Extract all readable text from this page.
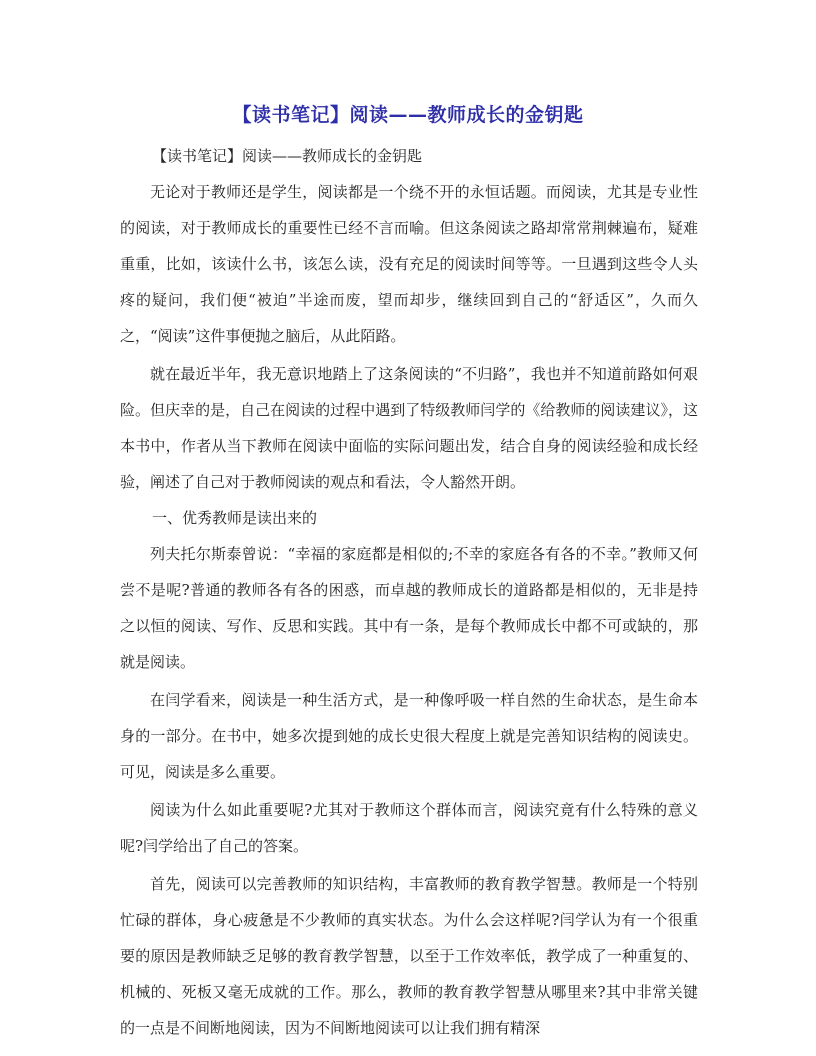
【读书笔记】阅读——教师成长的金钥匙
【读书笔记】阅读——教师成长的金钥匙

无论对于教师还是学生，阅读都是一个绕不开的永恒话题。而阅读，尤其是专业性的阅读，对于教师成长的重要性已经不言而喻。但这条阅读之路却常常荆棘遍布，疑难重重，比如，该读什么书，该怎么读，没有充足的阅读时间等等。一旦遇到这些令人头疼的疑问，我们便“被迫”半途而废，望而却步，继续回到自己的“舒适区”，久而久之，“阅读”这件事便抛之脑后，从此陌路。

就在最近半年，我无意识地踏上了这条阅读的“不归路”，我也并不知道前路如何艰险。但庆幸的是，自己在阅读的过程中遇到了特级教师闫学的《给教师的阅读建议》，这本书中，作者从当下教师在阅读中面临的实际问题出发，结合自身的阅读经验和成长经验，阐述了自己对于教师阅读的观点和看法，令人豁然开朗。

一、优秀教师是读出来的

列夫托尔斯泰曾说：“幸福的家庭都是相似的;不幸的家庭各有各的不幸。”教师又何尝不是呢?普通的教师各有各的困惑，而卓越的教师成长的道路都是相似的，无非是持之以恒的阅读、写作、反思和实践。其中有一条，是每个教师成长中都不可或缺的，那就是阅读。

在闫学看来，阅读是一种生活方式，是一种像呼吸一样自然的生命状态，是生命本身的一部分。在书中，她多次提到她的成长史很大程度上就是完善知识结构的阅读史。可见，阅读是多么重要。

阅读为什么如此重要呢?尤其对于教师这个群体而言，阅读究竟有什么特殊的意义呢?闫学给出了自己的答案。

首先，阅读可以完善教师的知识结构，丰富教师的教育教学智慧。教师是一个特别忙碌的群体，身心疲惫是不少教师的真实状态。为什么会这样呢?闫学认为有一个很重要的原因是教师缺乏足够的教育教学智慧，以至于工作效率低，教学成了一种重复的、机械的、死板又毫无成就的工作。那么，教师的教育教学智慧从哪里来?其中非常关键的一点是不间断地阅读，因为不间断地阅读可以让我们拥有精深
